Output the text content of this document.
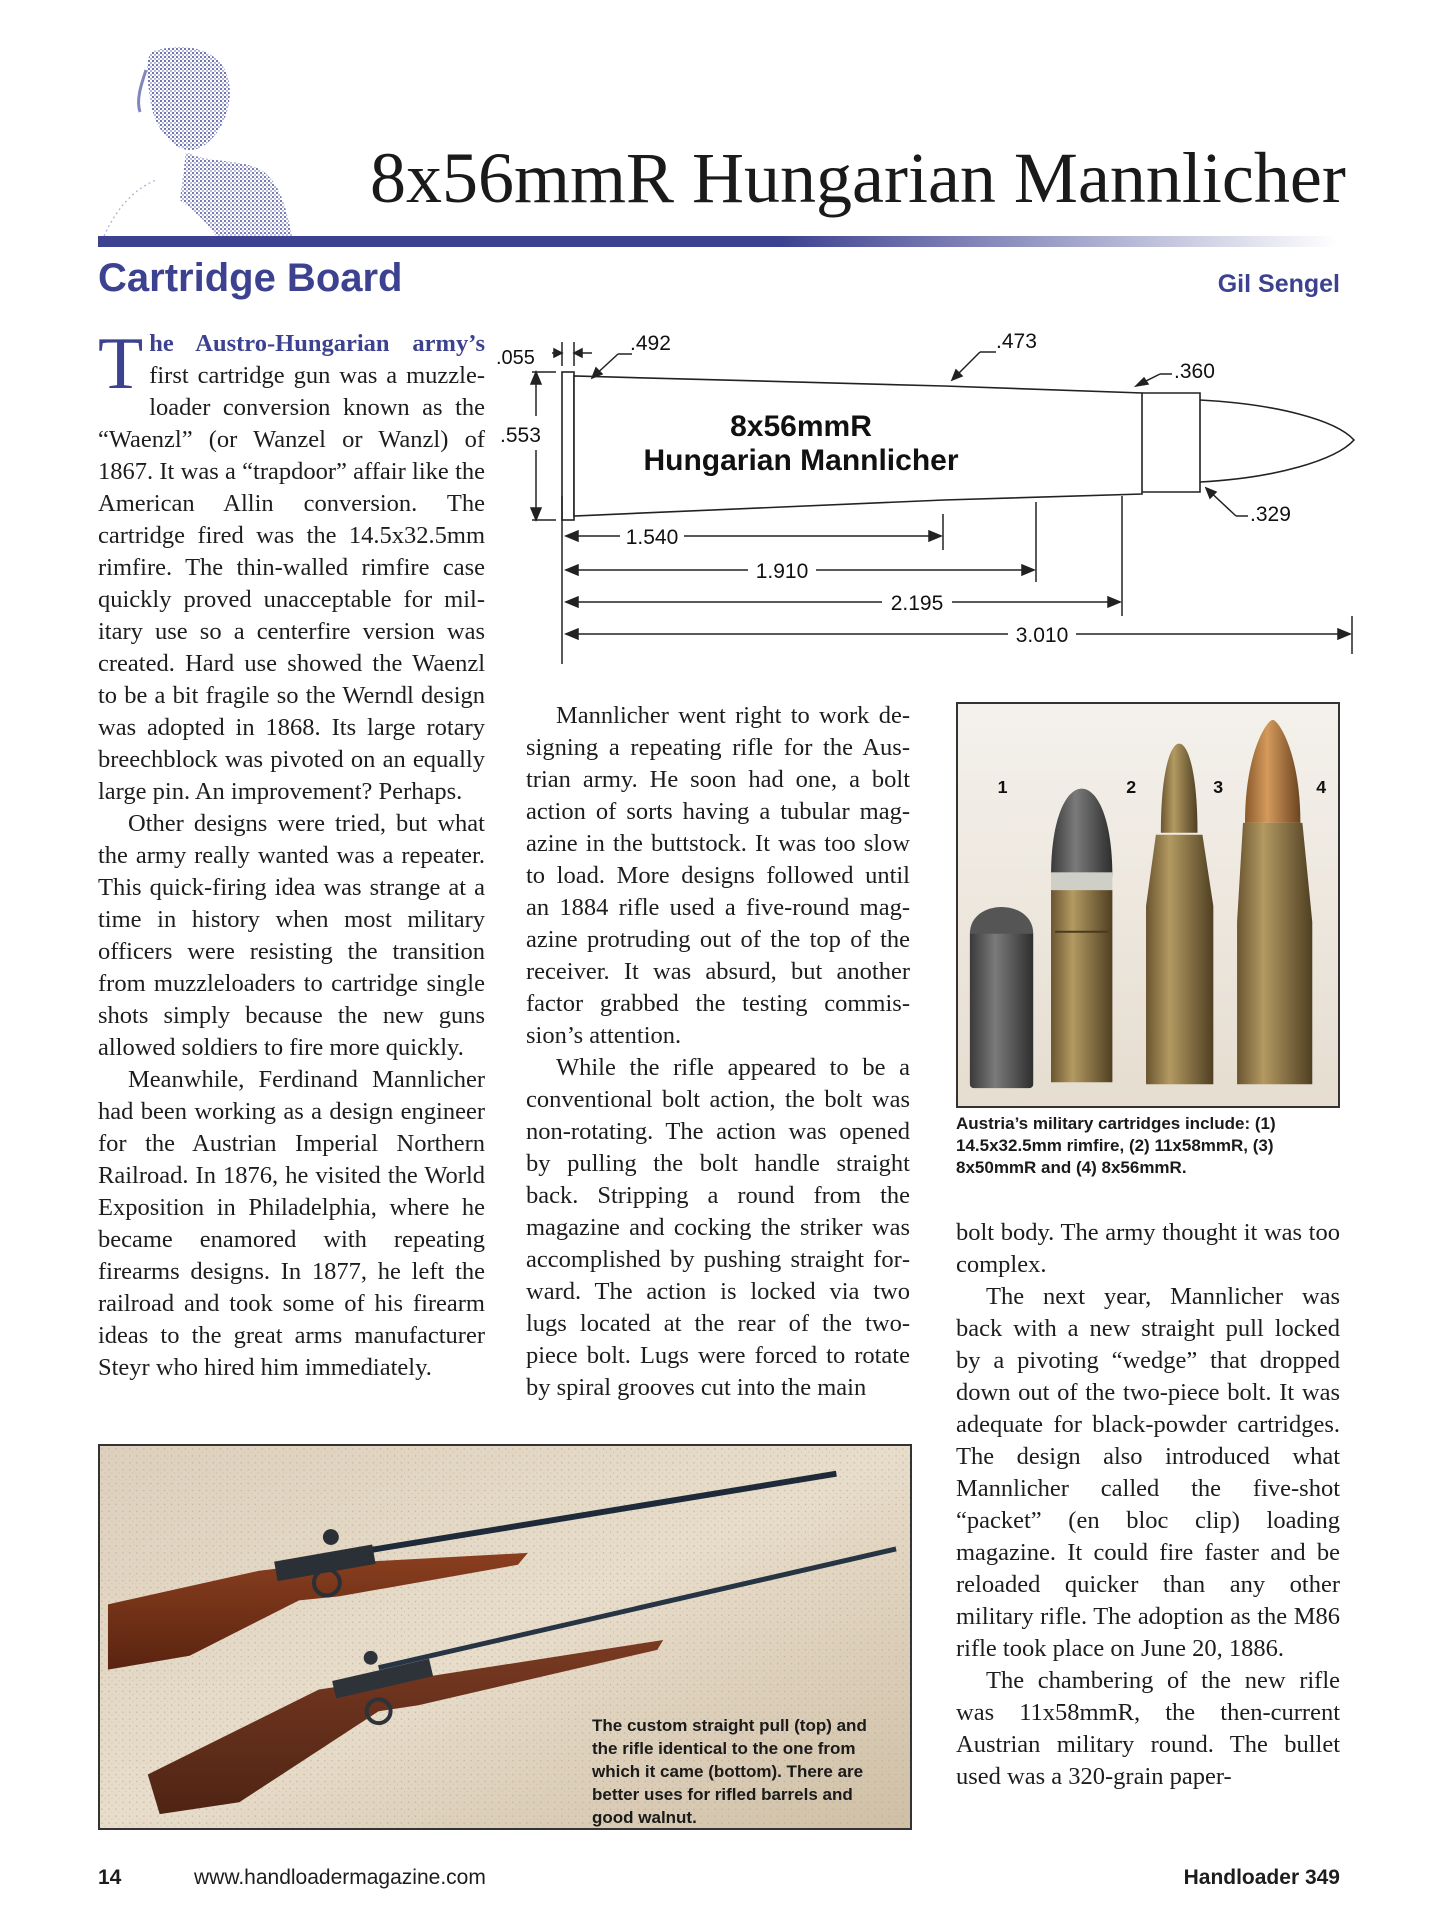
8x56mmR Hungarian Mannlicher
Cartridge Board	Gil Sengel

The Austro-Hungarian army’s first cartridge gun was a muzzleloader conversion known as the “Waenzl” (or Wanzel or Wanzl) of 1867. It was a “trapdoor” affair like the American Allin conversion. The cartridge fired was the 14.5x32.5mm rimfire. The thin-walled rimfire case quickly proved unacceptable for military use so a centerfire version was created. Hard use showed the Waenzl to be a bit fragile so the Werndl design was adopted in 1868. Its large rotary breechblock was pivoted on an equally large pin. An improvement? Perhaps.

Other designs were tried, but what the army really wanted was a repeater. This quick-firing idea was strange at a time in history when most military officers were resisting the transition from muzzleloaders to cartridge single shots simply because the new guns allowed soldiers to fire more quickly.

Meanwhile, Ferdinand Mannlicher had been working as a design engineer for the Austrian Imperial Northern Railroad. In 1876, he visited the World Exposition in Philadelphia, where he became enamored with repeating firearms designs. In 1877, he left the railroad and took some of his firearm ideas to the great arms manufacturer Steyr who hired him immediately.

8x56mmR
Hungarian Mannlicher
.055
.492
.553
.473
.360
.329
1.540
1.910
2.195
3.010

Mannlicher went right to work designing a repeating rifle for the Austrian army. He soon had one, a bolt action of sorts having a tubular magazine in the buttstock. It was too slow to load. More designs followed until an 1884 rifle used a five-round magazine protruding out of the top of the receiver. It was absurd, but another factor grabbed the testing commission’s attention.

While the rifle appeared to be a conventional bolt action, the bolt was non-rotating. The action was opened by pulling the bolt handle straight back. Stripping a round from the magazine and cocking the striker was accomplished by pushing straight forward. The action is locked via two lugs located at the rear of the two-piece bolt. Lugs were forced to rotate by spiral grooves cut into the main

1	2	3	4
Austria’s military cartridges include: (1) 14.5x32.5mm rimfire, (2) 11x58mmR, (3) 8x50mmR and (4) 8x56mmR.

bolt body. The army thought it was too complex.

The next year, Mannlicher was back with a new straight pull locked by a pivoting “wedge” that dropped down out of the two-piece bolt. It was adequate for black-powder cartridges. The design also introduced what Mannlicher called the five-shot “packet” (en bloc clip) loading magazine. It could fire faster and be reloaded quicker than any other military rifle. The adoption as the M86 rifle took place on June 20, 1886.

The chambering of the new rifle was 11x58mmR, the then-current Austrian military round. The bullet used was a 320-grain paper-

The custom straight pull (top) and the rifle identical to the one from which it came (bottom). There are better uses for rifled barrels and good walnut.
14	www.handloadermagazine.com	Handloader 349
